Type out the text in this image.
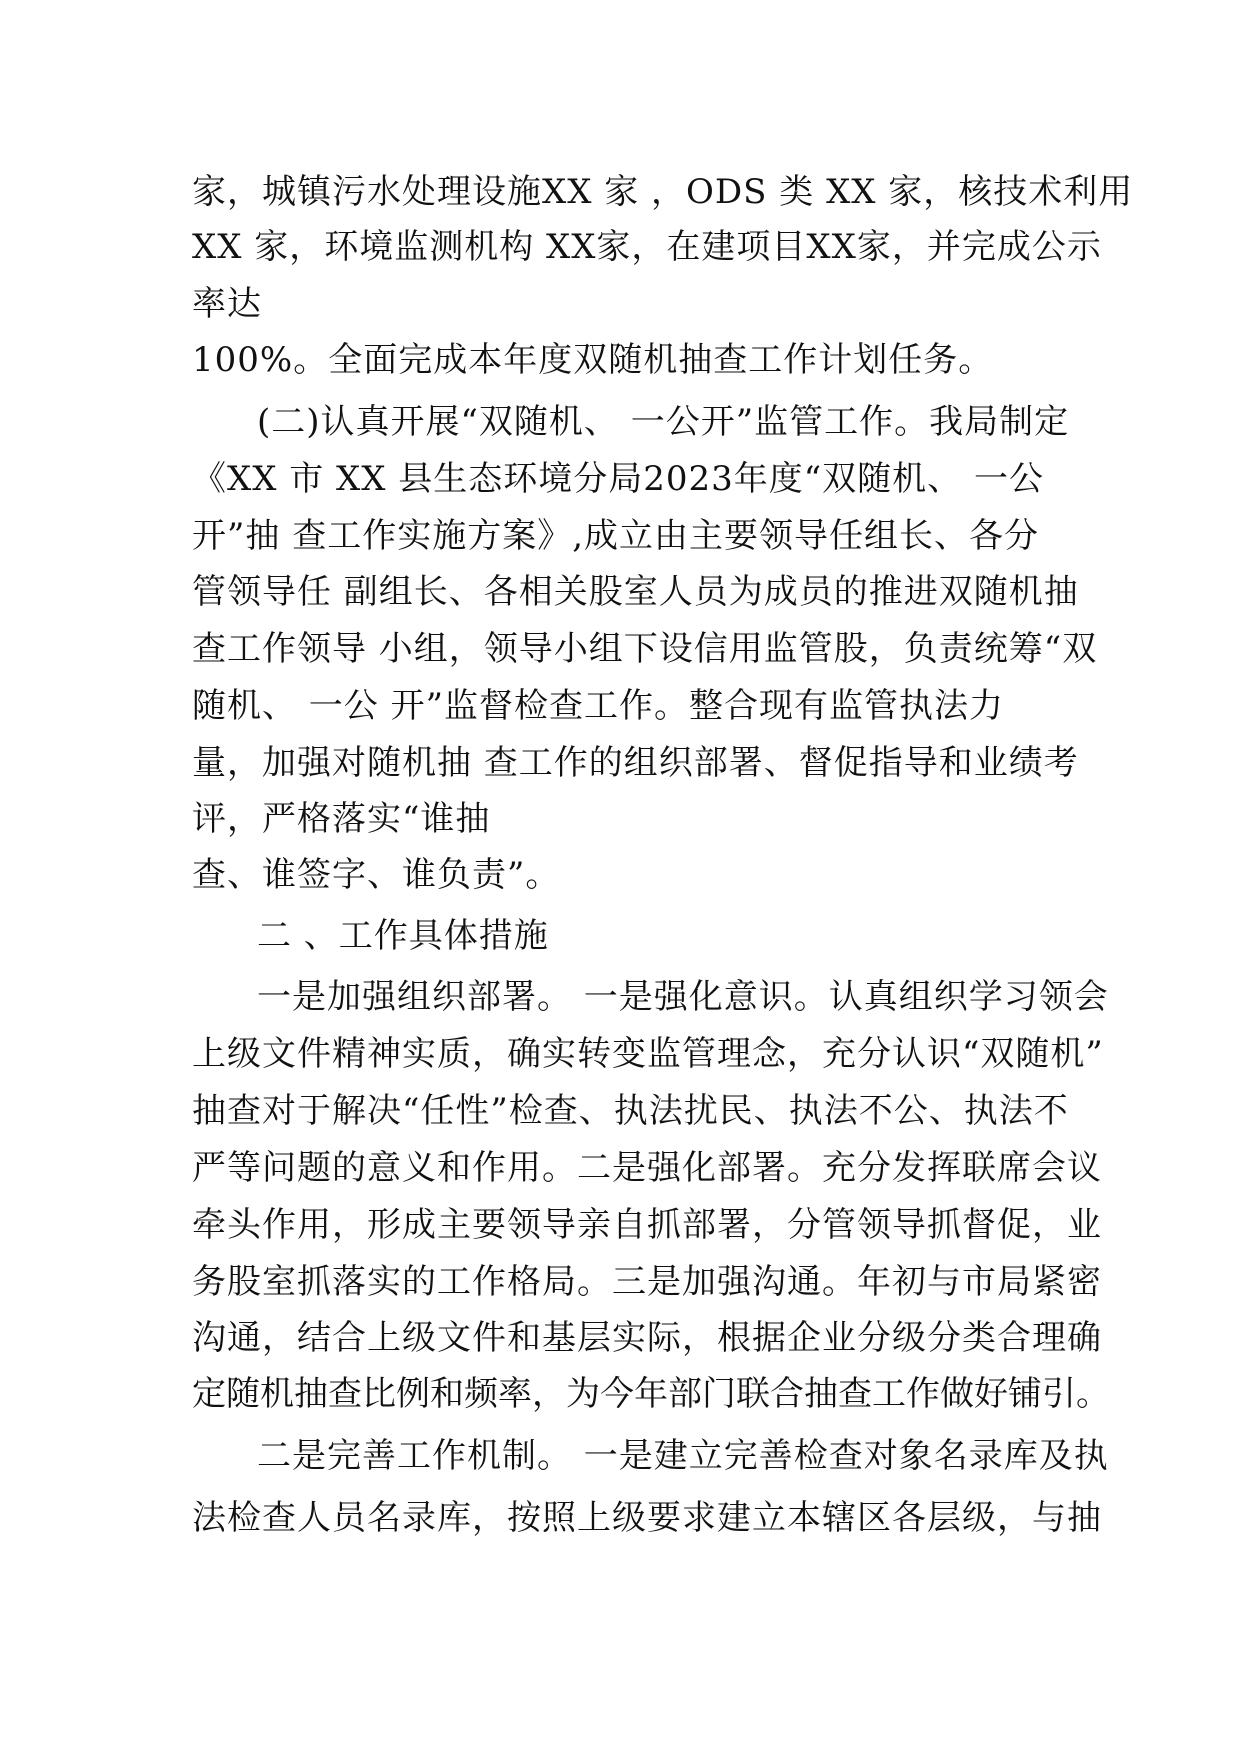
家，城镇污水处理设施XX 家 ，ODS 类 XX 家，核技术利用
XX 家，环境监测机构 XX家，在建项目XX家，并完成公示
率达
100%。全面完成本年度双随机抽查工作计划任务。
(二)认真开展“双随机、 一公开”监管工作。我局制定
《XX 市 XX 县生态环境分局2023年度“双随机、 一公
开”抽 查工作实施方案》,成立由主要领导任组长、各分
管领导任 副组长、各相关股室人员为成员的推进双随机抽
查工作领导 小组，领导小组下设信用监管股，负责统筹“双
随机、 一公 开”监督检查工作。整合现有监管执法力
量，加强对随机抽 查工作的组织部署、督促指导和业绩考
评，严格落实“谁抽
查、谁签字、谁负责”。
二 、工作具体措施
一是加强组织部署。 一是强化意识。认真组织学习领会
上级文件精神实质，确实转变监管理念，充分认识“双随机”
抽查对于解决“任性”检查、执法扰民、执法不公、执法不
严等问题的意义和作用。二是强化部署。充分发挥联席会议
牵头作用，形成主要领导亲自抓部署，分管领导抓督促，业
务股室抓落实的工作格局。三是加强沟通。年初与市局紧密
沟通，结合上级文件和基层实际，根据企业分级分类合理确
定随机抽查比例和频率，为今年部门联合抽查工作做好铺引。
二是完善工作机制。 一是建立完善检查对象名录库及执
法检查人员名录库，按照上级要求建立本辖区各层级，与抽
